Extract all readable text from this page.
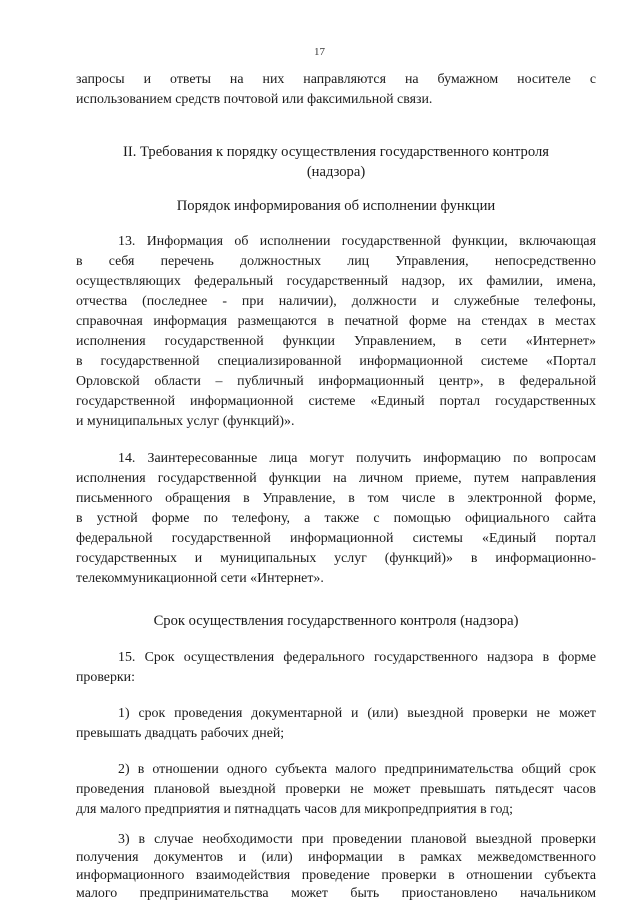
17
запросы и ответы на них направляются на бумажном носителе с
использованием средств почтовой или факсимильной связи.
II. Требования к порядку осуществления государственного контроля
(надзора)
Порядок информирования об исполнении функции
13. Информация об исполнении государственной функции, включающая
в себя перечень должностных лиц Управления, непосредственно
осуществляющих федеральный государственный надзор, их фамилии, имена,
отчества (последнее - при наличии), должности и служебные телефоны,
справочная информация размещаются в печатной форме на стендах в местах
исполнения государственной функции Управлением, в сети «Интернет»
в государственной специализированной информационной системе «Портал
Орловской области – публичный информационный центр», в федеральной
государственной информационной системе «Единый портал государственных
и муниципальных услуг (функций)».
14. Заинтересованные лица могут получить информацию по вопросам
исполнения государственной функции на личном приеме, путем направления
письменного обращения в Управление, в том числе в электронной форме,
в устной форме по телефону, а также с помощью официального сайта
федеральной государственной информационной системы «Единый портал
государственных и муниципальных услуг (функций)» в информационно-
телекоммуникационной сети «Интернет».
Срок осуществления государственного контроля (надзора)
15. Срок осуществления федерального государственного надзора в форме
проверки:
1) срок проведения документарной и (или) выездной проверки не может
превышать двадцать рабочих дней;
2) в отношении одного субъекта малого предпринимательства общий срок
проведения плановой выездной проверки не может превышать пятьдесят часов
для малого предприятия и пятнадцать часов для микропредприятия в год;
3) в случае необходимости при проведении плановой выездной проверки
получения документов и (или) информации в рамках межведомственного
информационного взаимодействия проведение проверки в отношении субъекта
малого предпринимательства может быть приостановлено начальником
